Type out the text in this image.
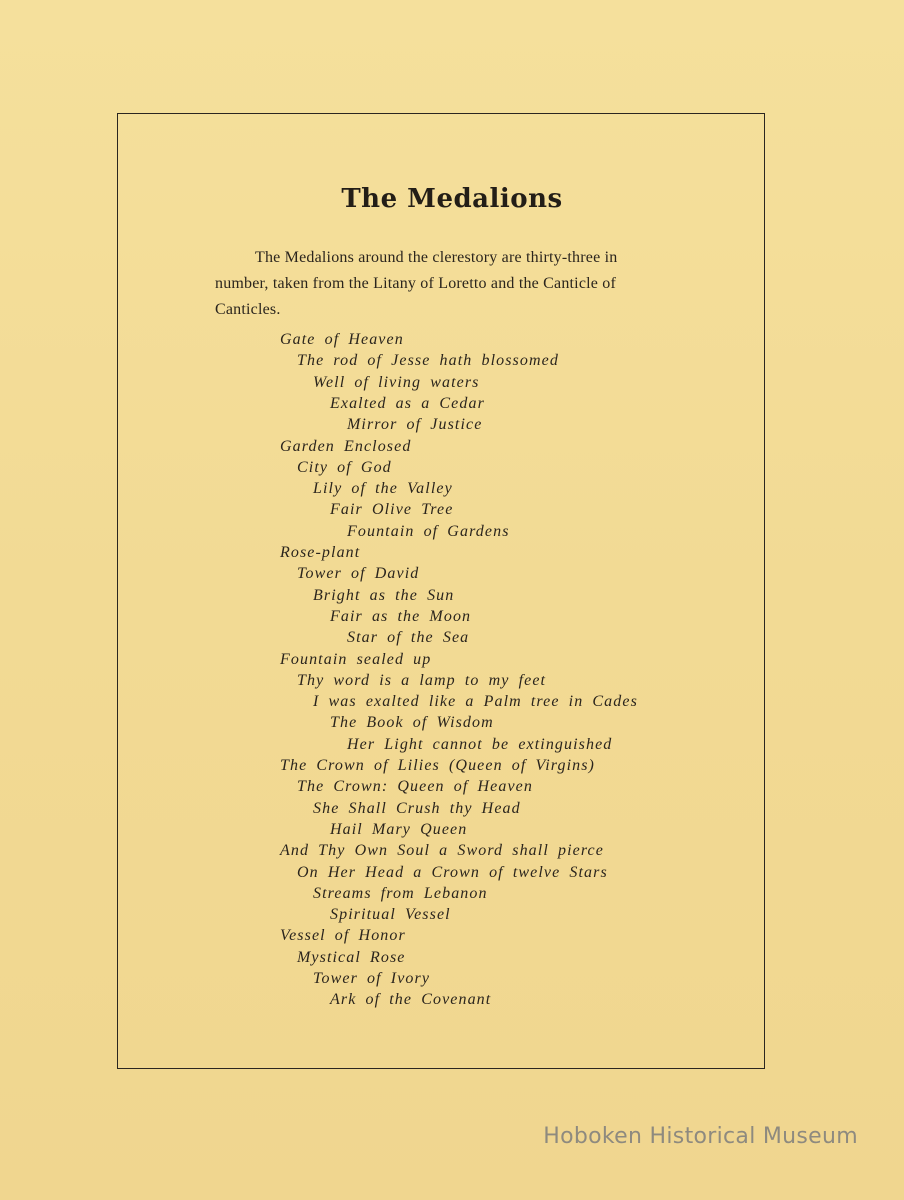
The Medalions
The Medalions around the clerestory are thirty-three in number, taken from the Litany of Loretto and the Canticle of Canticles.
Gate of Heaven
The rod of Jesse hath blossomed
Well of living waters
Exalted as a Cedar
Mirror of Justice
Garden Enclosed
City of God
Lily of the Valley
Fair Olive Tree
Fountain of Gardens
Rose-plant
Tower of David
Bright as the Sun
Fair as the Moon
Star of the Sea
Fountain sealed up
Thy word is a lamp to my feet
I was exalted like a Palm tree in Cades
The Book of Wisdom
Her Light cannot be extinguished
The Crown of Lilies (Queen of Virgins)
The Crown: Queen of Heaven
She Shall Crush thy Head
Hail Mary Queen
And Thy Own Soul a Sword shall pierce
On Her Head a Crown of twelve Stars
Streams from Lebanon
Spiritual Vessel
Vessel of Honor
Mystical Rose
Tower of Ivory
Ark of the Covenant
Hoboken Historical Museum
